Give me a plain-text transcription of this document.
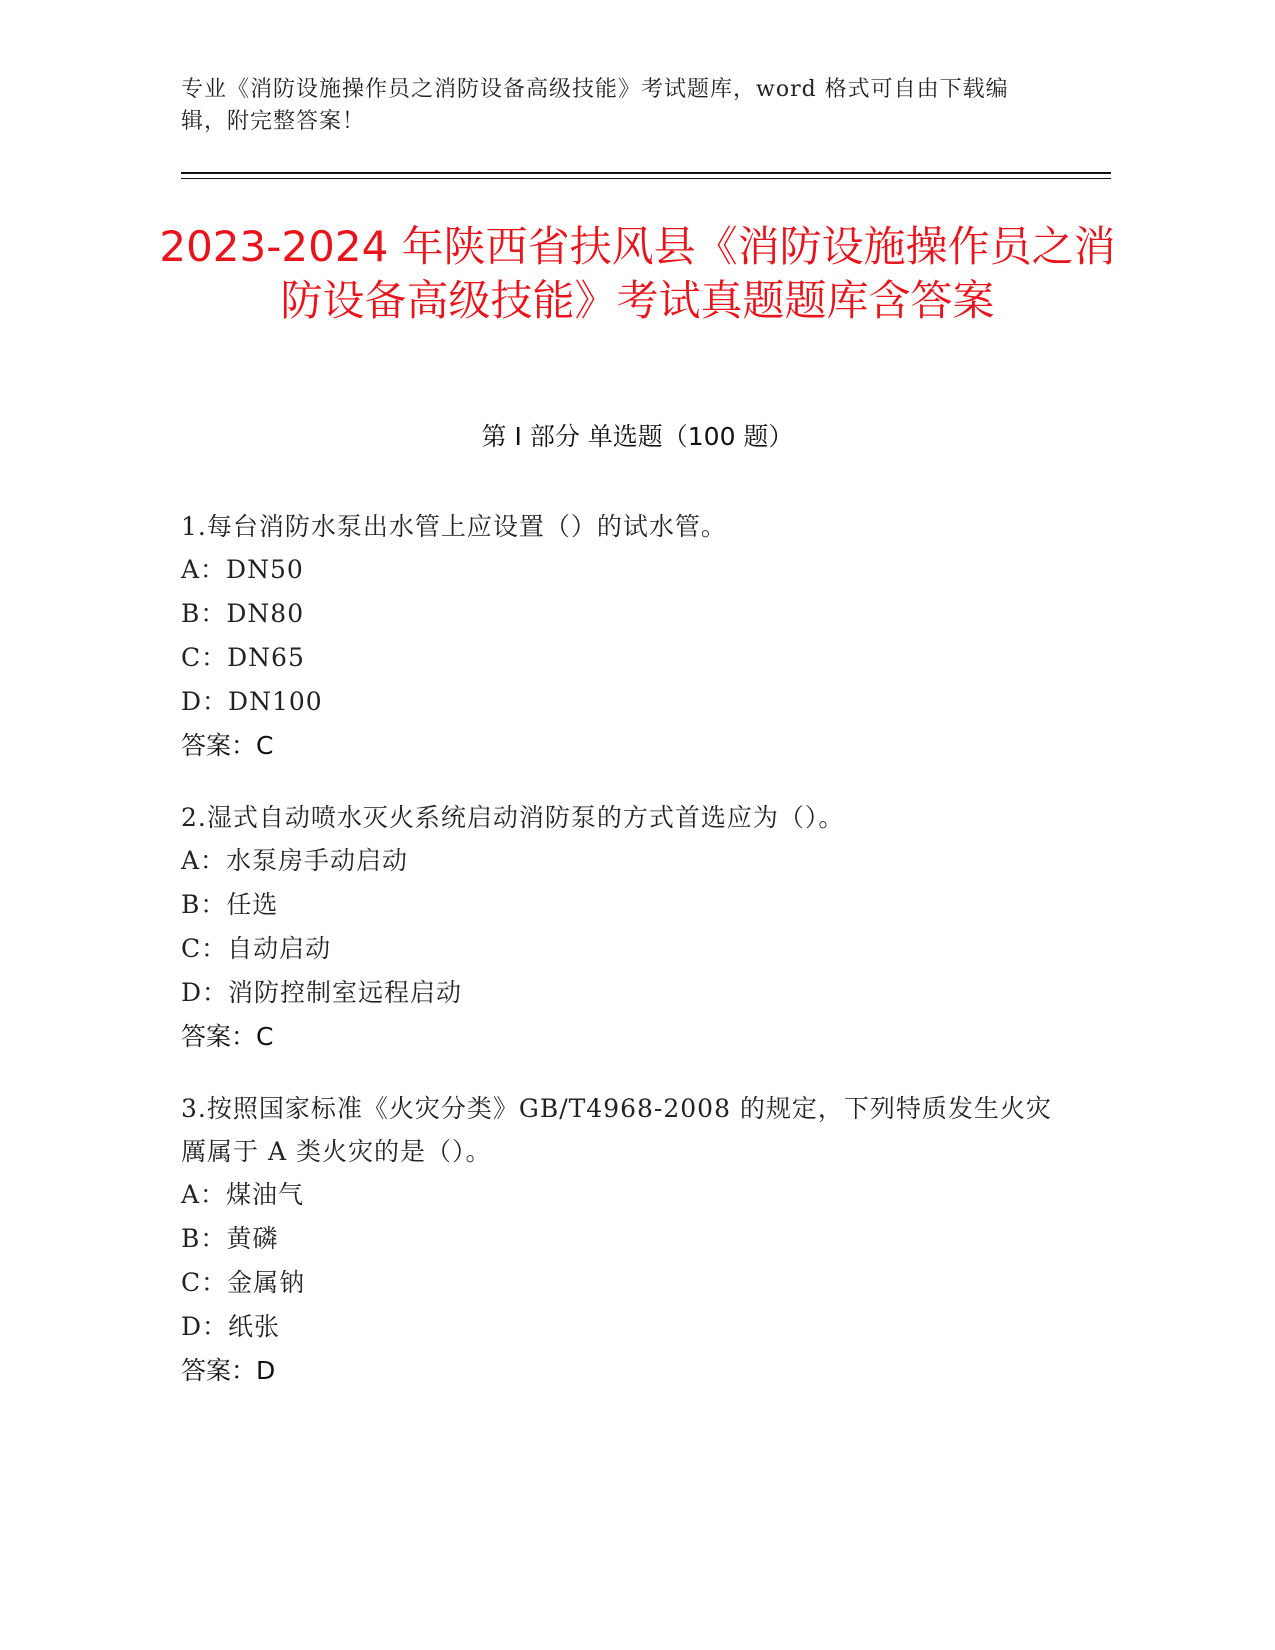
专业《消防设施操作员之消防设备高级技能》考试题库，word 格式可自由下载编辑，附完整答案！
2023-2024 年陕西省扶风县《消防设施操作员之消防设备高级技能》考试真题题库含答案
第 I 部分 单选题（100 题）
1.每台消防水泵出水管上应设置（）的试水管。
A：DN50
B：DN80
C：DN65
D：DN100
答案：C
2.湿式自动喷水灭火系统启动消防泵的方式首选应为（）。
A：水泵房手动启动
B：任选
C：自动启动
D：消防控制室远程启动
答案：C
3.按照国家标准《火灾分类》GB/T4968-2008 的规定，下列特质发生火灾厲属于 A 类火灾的是（）。
A：煤油气
B：黄磷
C：金属钠
D：纸张
答案：D
